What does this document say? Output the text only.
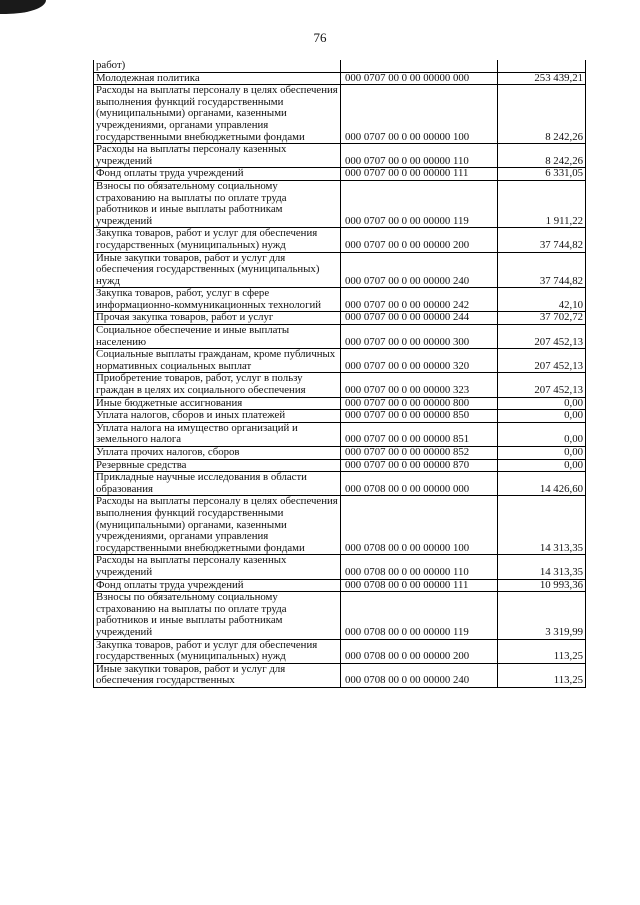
76
работ)		
Молодежная политика	000 0707 00 0 00 00000 000	253 439,21
Расходы на выплаты персоналу в целях обеспечения выполнения функций государственными (муниципальными) органами, казенными учреждениями, органами управления государственными внебюджетными фондами	000 0707 00 0 00 00000 100	8 242,26
Расходы на выплаты персоналу казенных учреждений	000 0707 00 0 00 00000 110	8 242,26
Фонд оплаты труда учреждений	000 0707 00 0 00 00000 111	6 331,05
Взносы по обязательному социальному страхованию на выплаты по оплате труда работников и иные выплаты работникам учреждений	000 0707 00 0 00 00000 119	1 911,22
Закупка товаров, работ и услуг для обеспечения государственных (муниципальных) нужд	000 0707 00 0 00 00000 200	37 744,82
Иные закупки товаров, работ и услуг для обеспечения государственных (муниципальных) нужд	000 0707 00 0 00 00000 240	37 744,82
Закупка товаров, работ, услуг в сфере информационно-коммуникационных технологий	000 0707 00 0 00 00000 242	42,10
Прочая закупка товаров, работ и услуг	000 0707 00 0 00 00000 244	37 702,72
Социальное обеспечение и иные выплаты населению	000 0707 00 0 00 00000 300	207 452,13
Социальные выплаты гражданам, кроме публичных нормативных социальных выплат	000 0707 00 0 00 00000 320	207 452,13
Приобретение товаров, работ, услуг в пользу граждан в целях их социального обеспечения	000 0707 00 0 00 00000 323	207 452,13
Иные бюджетные ассигнования	000 0707 00 0 00 00000 800	0,00
Уплата налогов, сборов и иных платежей	000 0707 00 0 00 00000 850	0,00
Уплата налога на имущество организаций и земельного налога	000 0707 00 0 00 00000 851	0,00
Уплата прочих налогов, сборов	000 0707 00 0 00 00000 852	0,00
Резервные средства	000 0707 00 0 00 00000 870	0,00
Прикладные научные исследования в области образования	000 0708 00 0 00 00000 000	14 426,60
Расходы на выплаты персоналу в целях обеспечения выполнения функций государственными (муниципальными) органами, казенными учреждениями, органами управления государственными внебюджетными фондами	000 0708 00 0 00 00000 100	14 313,35
Расходы на выплаты персоналу казенных учреждений	000 0708 00 0 00 00000 110	14 313,35
Фонд оплаты труда учреждений	000 0708 00 0 00 00000 111	10 993,36
Взносы по обязательному социальному страхованию на выплаты по оплате труда работников и иные выплаты работникам учреждений	000 0708 00 0 00 00000 119	3 319,99
Закупка товаров, работ и услуг для обеспечения государственных (муниципальных) нужд	000 0708 00 0 00 00000 200	113,25
Иные закупки товаров, работ и услуг для обеспечения государственных	000 0708 00 0 00 00000 240	113,25
